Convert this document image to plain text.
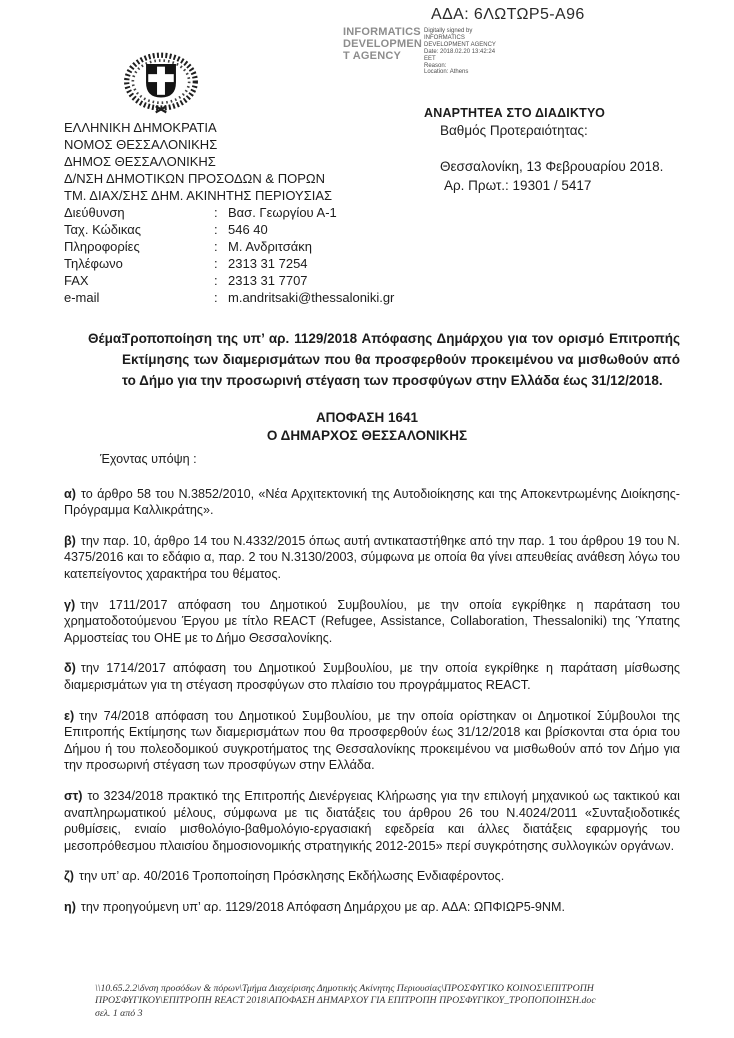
ΑΔΑ: 6ΛΩΤΩΡ5-Α96
INFORMATICS
DEVELOPMEN
T AGENCY
Digitally signed by
INFORMATICS
DEVELOPMENT AGENCY
Date: 2018.02.20 13:42:24
EET
Reason:
Location: Athens
ΕΛΛΗΝΙΚΗ ΔΗΜΟΚΡΑΤΙΑ
ΝΟΜΟΣ ΘΕΣΣΑΛΟΝΙΚΗΣ
ΔΗΜΟΣ ΘΕΣΣΑΛΟΝΙΚΗΣ
Δ/ΝΣΗ ΔΗΜΟΤΙΚΩΝ ΠΡΟΣΟΔΩΝ & ΠΟΡΩΝ
ΤΜ. ΔΙΑΧ/ΣΗΣ ΔΗΜ. ΑΚΙΝΗΤΗΣ ΠΕΡΙΟΥΣΙΑΣ
Διεύθυνση	: Βασ. Γεωργίου Α-1
Ταχ. Κώδικας	: 546 40
Πληροφορίες	: Μ. Ανδριτσάκη
Τηλέφωνο	: 2313 31 7254
FAX	: 2313 31 7707
e-mail	: m.andritsaki@thessaloniki.gr
ΑΝΑΡΤΗΤΕΑ ΣΤΟ ΔΙΑΔΙΚΤΥΟ
Βαθμός Προτεραιότητας:
Θεσσαλονίκη, 13 Φεβρουαρίου 2018.
Αρ. Πρωτ.: 19301 / 5417
Θέμα:
Τροποποίηση της υπ’ αρ. 1129/2018 Απόφασης Δημάρχου για τον ορισμό Επιτροπής Εκτίμησης των διαμερισμάτων που θα προσφερθούν προκειμένου να μισθωθούν από το Δήμο για την προσωρινή στέγαση των προσφύγων στην Ελλάδα έως 31/12/2018.
ΑΠΟΦΑΣΗ 1641
Ο ΔΗΜΑΡΧΟΣ ΘΕΣΣΑΛΟΝΙΚΗΣ

Έχοντας υπόψη :

α) το άρθρο 58 του Ν.3852/2010, «Νέα Αρχιτεκτονική της Αυτοδιοίκησης και της Αποκεντρωμένης Διοίκησης-Πρόγραμμα Καλλικράτης».

β) την παρ. 10, άρθρο 14 του Ν.4332/2015 όπως αυτή αντικαταστήθηκε από την παρ. 1 του άρθρου 19 του Ν. 4375/2016 και το εδάφιο α, παρ. 2 του Ν.3130/2003, σύμφωνα με οποία θα γίνει απευθείας ανάθεση λόγω του κατεπείγοντος χαρακτήρα του θέματος.

γ) την 1711/2017 απόφαση του Δημοτικού Συμβουλίου, με την οποία εγκρίθηκε η παράταση του χρηματοδοτούμενου Έργου με τίτλο REACT (Refugee, Assistance, Collaboration, Thessaloniki) της Ύπατης Αρμοστείας του ΟΗΕ με το Δήμο Θεσσαλονίκης.

δ) την 1714/2017 απόφαση του Δημοτικού Συμβουλίου, με την οποία εγκρίθηκε η παράταση μίσθωσης διαμερισμάτων για τη στέγαση προσφύγων στο πλαίσιο του προγράμματος REACT.

ε) την 74/2018 απόφαση του Δημοτικού Συμβουλίου, με την οποία ορίστηκαν οι Δημοτικοί Σύμβουλοι της Επιτροπής Εκτίμησης των διαμερισμάτων που θα προσφερθούν έως 31/12/2018 και βρίσκονται στα όρια του Δήμου ή του πολεοδομικού συγκροτήματος της Θεσσαλονίκης προκειμένου να μισθωθούν από τον Δήμο για την προσωρινή στέγαση των προσφύγων στην Ελλάδα.

στ) το 3234/2018 πρακτικό της Επιτροπής Διενέργειας Κλήρωσης για την επιλογή μηχανικού ως τακτικού και αναπληρωματικού μέλους, σύμφωνα με τις διατάξεις του άρθρου 26 του Ν.4024/2011 «Συνταξιοδοτικές ρυθμίσεις, ενιαίο μισθολόγιο-βαθμολόγιο-εργασιακή εφεδρεία και άλλες διατάξεις εφαρμογής του μεσοπρόθεσμου πλαισίου δημοσιονομικής στρατηγικής 2012-2015» περί συγκρότησης συλλογικών οργάνων.

ζ) την υπ’ αρ. 40/2016 Τροποποίηση Πρόσκλησης Εκδήλωσης Ενδιαφέροντος.

η) την προηγούμενη υπ’ αρ. 1129/2018 Απόφαση Δημάρχου με αρ. ΑΔΑ: ΩΠΦΙΩΡ5-9ΝΜ.

\\10.65.2.2\δνση προσόδων & πόρων\Τμήμα Διαχείρισης Δημοτικής Ακίνητης Περιουσίας\ΠΡΟΣΦΥΓΙΚΟ ΚΟΙΝΟΣ\ΕΠΙΤΡΟΠΗ ΠΡΟΣΦΥΓΙΚΟΥ\ΕΠΙΤΡΟΠΗ REACT 2018\ΑΠΟΦΑΣΗ ΔΗΜΑΡΧΟΥ ΓΙΑ ΕΠΙΤΡΟΠΗ ΠΡΟΣΦΥΓΙΚΟΥ_ΤΡΟΠΟΠΟΙΗΣΗ.doc
σελ. 1 από 3
